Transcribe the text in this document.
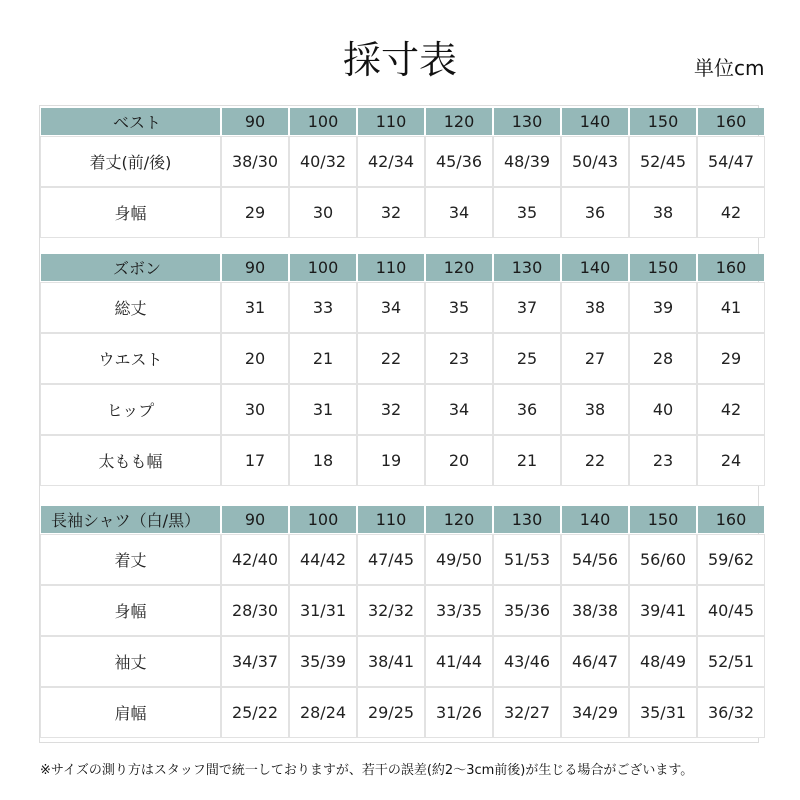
採寸表	単位cm
ベスト	90	100	110	120	130	140	150	160
着丈(前/後)	38/30	40/32	42/34	45/36	48/39	50/43	52/45	54/47
身幅	29	30	32	34	35	36	38	42
ズボン	90	100	110	120	130	140	150	160
総丈	31	33	34	35	37	38	39	41
ウエスト	20	21	22	23	25	27	28	29
ヒップ	30	31	32	34	36	38	40	42
太もも幅	17	18	19	20	21	22	23	24
長袖シャツ（白/黒）	90	100	110	120	130	140	150	160
着丈	42/40	44/42	47/45	49/50	51/53	54/56	56/60	59/62
身幅	28/30	31/31	32/32	33/35	35/36	38/38	39/41	40/45
袖丈	34/37	35/39	38/41	41/44	43/46	46/47	48/49	52/51
肩幅	25/22	28/24	29/25	31/26	32/27	34/29	35/31	36/32
※サイズの測り方はスタッフ間で統一しておりますが、若干の誤差(約2〜3cm前後)が生じる場合がございます。
